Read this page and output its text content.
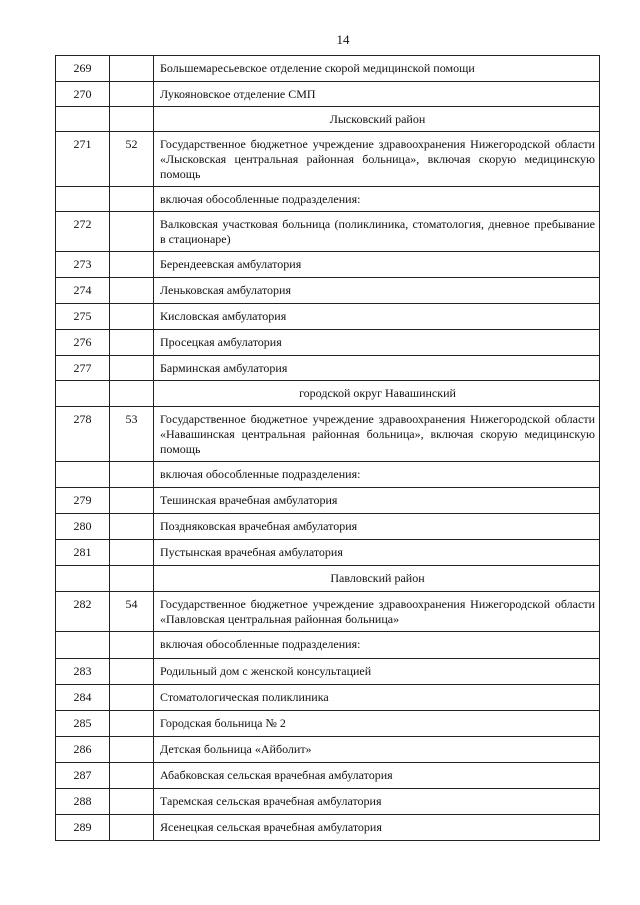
14
269		Большемаресьевское отделение скорой медицинской помощи
270		Лукояновское отделение СМП
		Лысковский район
271	52	Государственное бюджетное учреждение здравоохранения Нижегородской области «Лысковская центральная районная больница», включая скорую медицинскую помощь
		включая обособленные подразделения:
272		Валковская участковая больница (поликлиника, стоматология, дневное пребывание в стационаре)
273		Берендеевская амбулатория
274		Леньковская амбулатория
275		Кисловская амбулатория
276		Просецкая амбулатория
277		Барминская амбулатория
		городской округ Навашинский
278	53	Государственное бюджетное учреждение здравоохранения Нижегородской области «Навашинская центральная районная больница», включая скорую медицинскую помощь
		включая обособленные подразделения:
279		Тешинская врачебная амбулатория
280		Поздняковская врачебная амбулатория
281		Пустынская врачебная амбулатория
		Павловский район
282	54	Государственное бюджетное учреждение здравоохранения Нижегородской области «Павловская центральная районная больница»
		включая обособленные подразделения:
283		Родильный дом с женской консультацией
284		Стоматологическая поликлиника
285		Городская больница № 2
286		Детская больница «Айболит»
287		Абабковская сельская врачебная амбулатория
288		Таремская сельская врачебная амбулатория
289		Ясенецкая сельская врачебная амбулатория
